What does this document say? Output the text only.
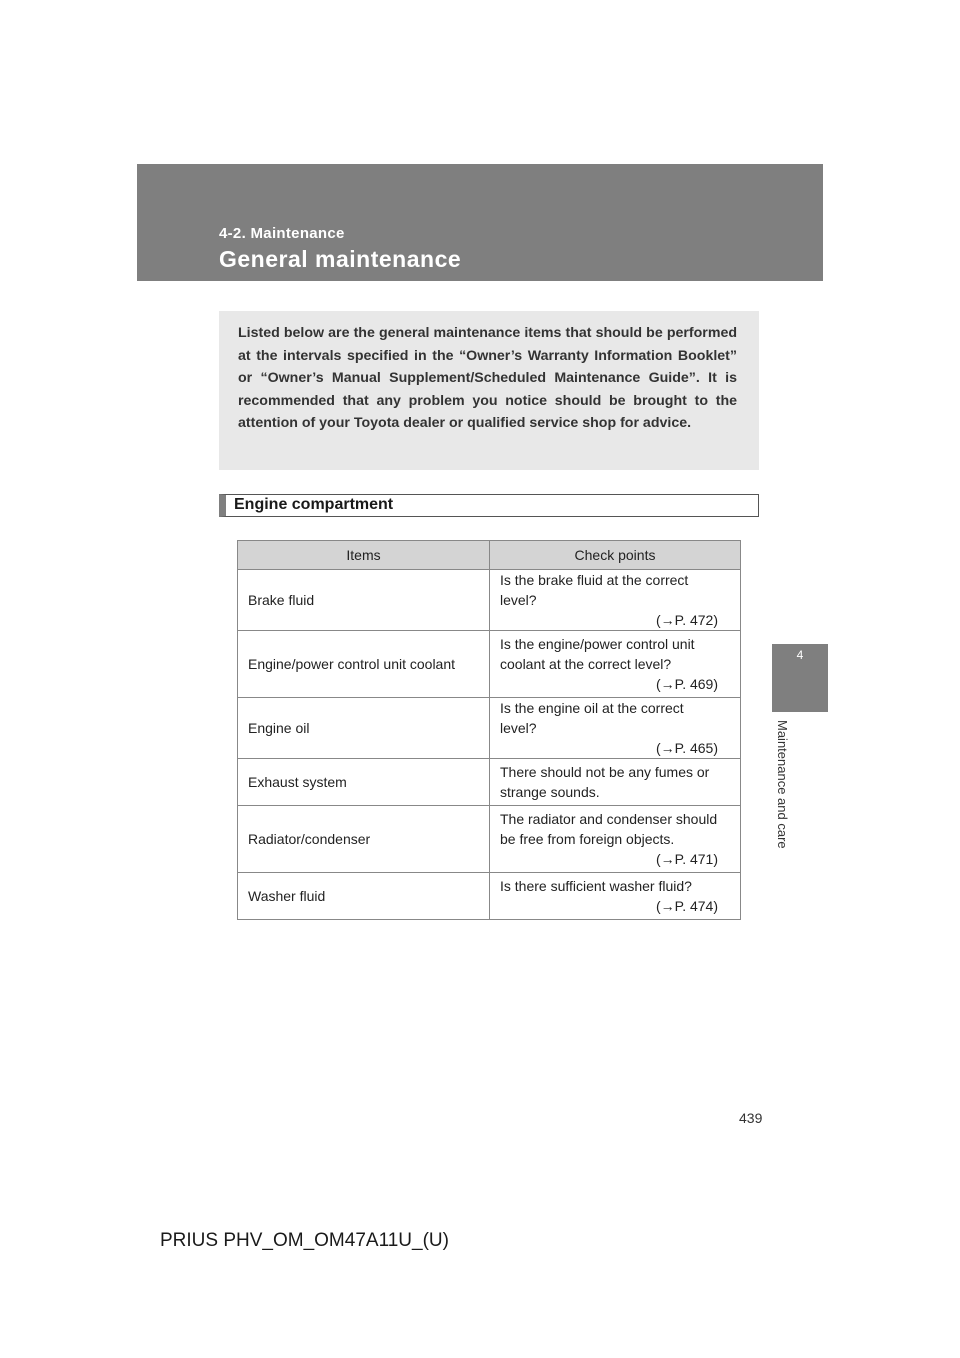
4-2. Maintenance
General maintenance
4
Maintenance and care

Listed below are the general maintenance items that should be performed at the intervals specified in the “Owner’s Warranty Information Booklet” or “Owner’s Manual Supplement/Scheduled Maintenance Guide”. It is recommended that any problem you notice should be brought to the attention of your Toyota dealer or qualified service shop for advice.

Engine compartment
Items	Check points
Brake fluid	Is the brake fluid at the correct level?
(→P. 472)

Engine/power control unit coolant	Is the engine/power control unit coolant at the correct level?
(→P. 469)

Engine oil	Is the engine oil at the correct level?
(→P. 465)

Exhaust system	There should not be any fumes or strange sounds.
Radiator/condenser	The radiator and condenser should be free from foreign objects.
(→P. 471)

Washer fluid	Is there sufficient washer fluid?
(→P. 474)
439
PRIUS PHV_OM_OM47A11U_(U)
